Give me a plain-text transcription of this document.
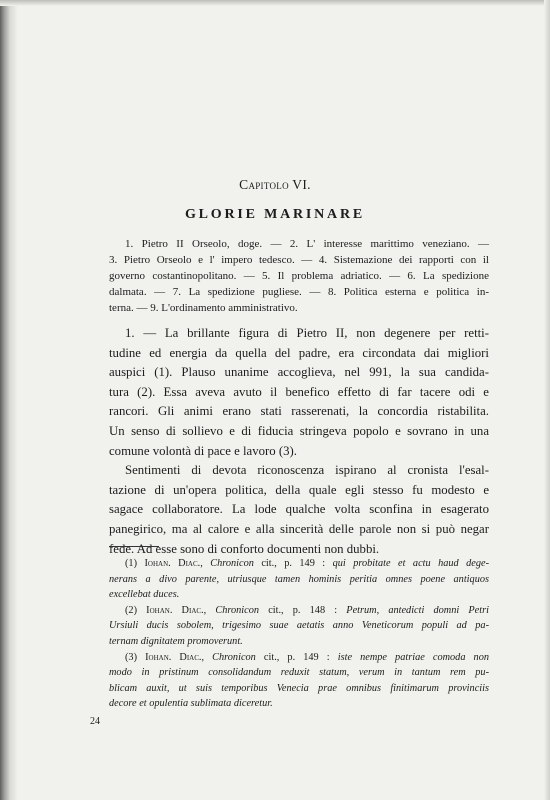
Capitolo VI.
GLORIE MARINARE
1. Pietro II Orseolo, doge. — 2. L' interesse marittimo veneziano. —
3. Pietro Orseolo e l' impero tedesco. — 4. Sistemazione dei rapporti con il
governo costantinopolitano. — 5. Il problema adriatico. — 6. La spedizione
dalmata. — 7. La spedizione pugliese. — 8. Politica esterna e politica in-
terna. — 9. L'ordinamento amministrativo.
1. — La brillante figura di Pietro II, non degenere per retti-
tudine ed energia da quella del padre, era circondata dai migliori
auspici (1). Plauso unanime accoglieva, nel 991, la sua candida-
tura (2). Essa aveva avuto il benefico effetto di far tacere odi e
rancori. Gli animi erano stati rasserenati, la concordia ristabilita.
Un senso di sollievo e di fiducia stringeva popolo e sovrano in una
comune volontà di pace e lavoro (3).
Sentimenti di devota riconoscenza ispirano al cronista l'esal-
tazione di un'opera politica, della quale egli stesso fu modesto e
sagace collaboratore. La lode qualche volta sconfina in esagerato
panegirico, ma al calore e alla sincerità delle parole non si può negar
fede. Ad esse sono di conforto documenti non dubbi.
(1) Iohan. Diac., Chronicon cit., p. 149 : qui probitate et actu haud dege-
nerans a divo parente, utriusque tamen hominis peritia omnes poene antiquos
excellebat duces.
(2) Iohan. Diac., Chronicon cit., p. 148 : Petrum, antedicti domni Petri
Ursiuli ducis sobolem, trigesimo suae aetatis anno Veneticorum populi ad pa-
ternam dignitatem promoverunt.
(3) Iohan. Diac., Chronicon cit., p. 149 : iste nempe patriae comoda non
modo in pristinum consolidandum reduxit statum, verum in tantum rem pu-
blicam auxit, ut suis temporibus Venecia prae omnibus finitimarum provinciis
decore et opulentia sublimata diceretur.
24
